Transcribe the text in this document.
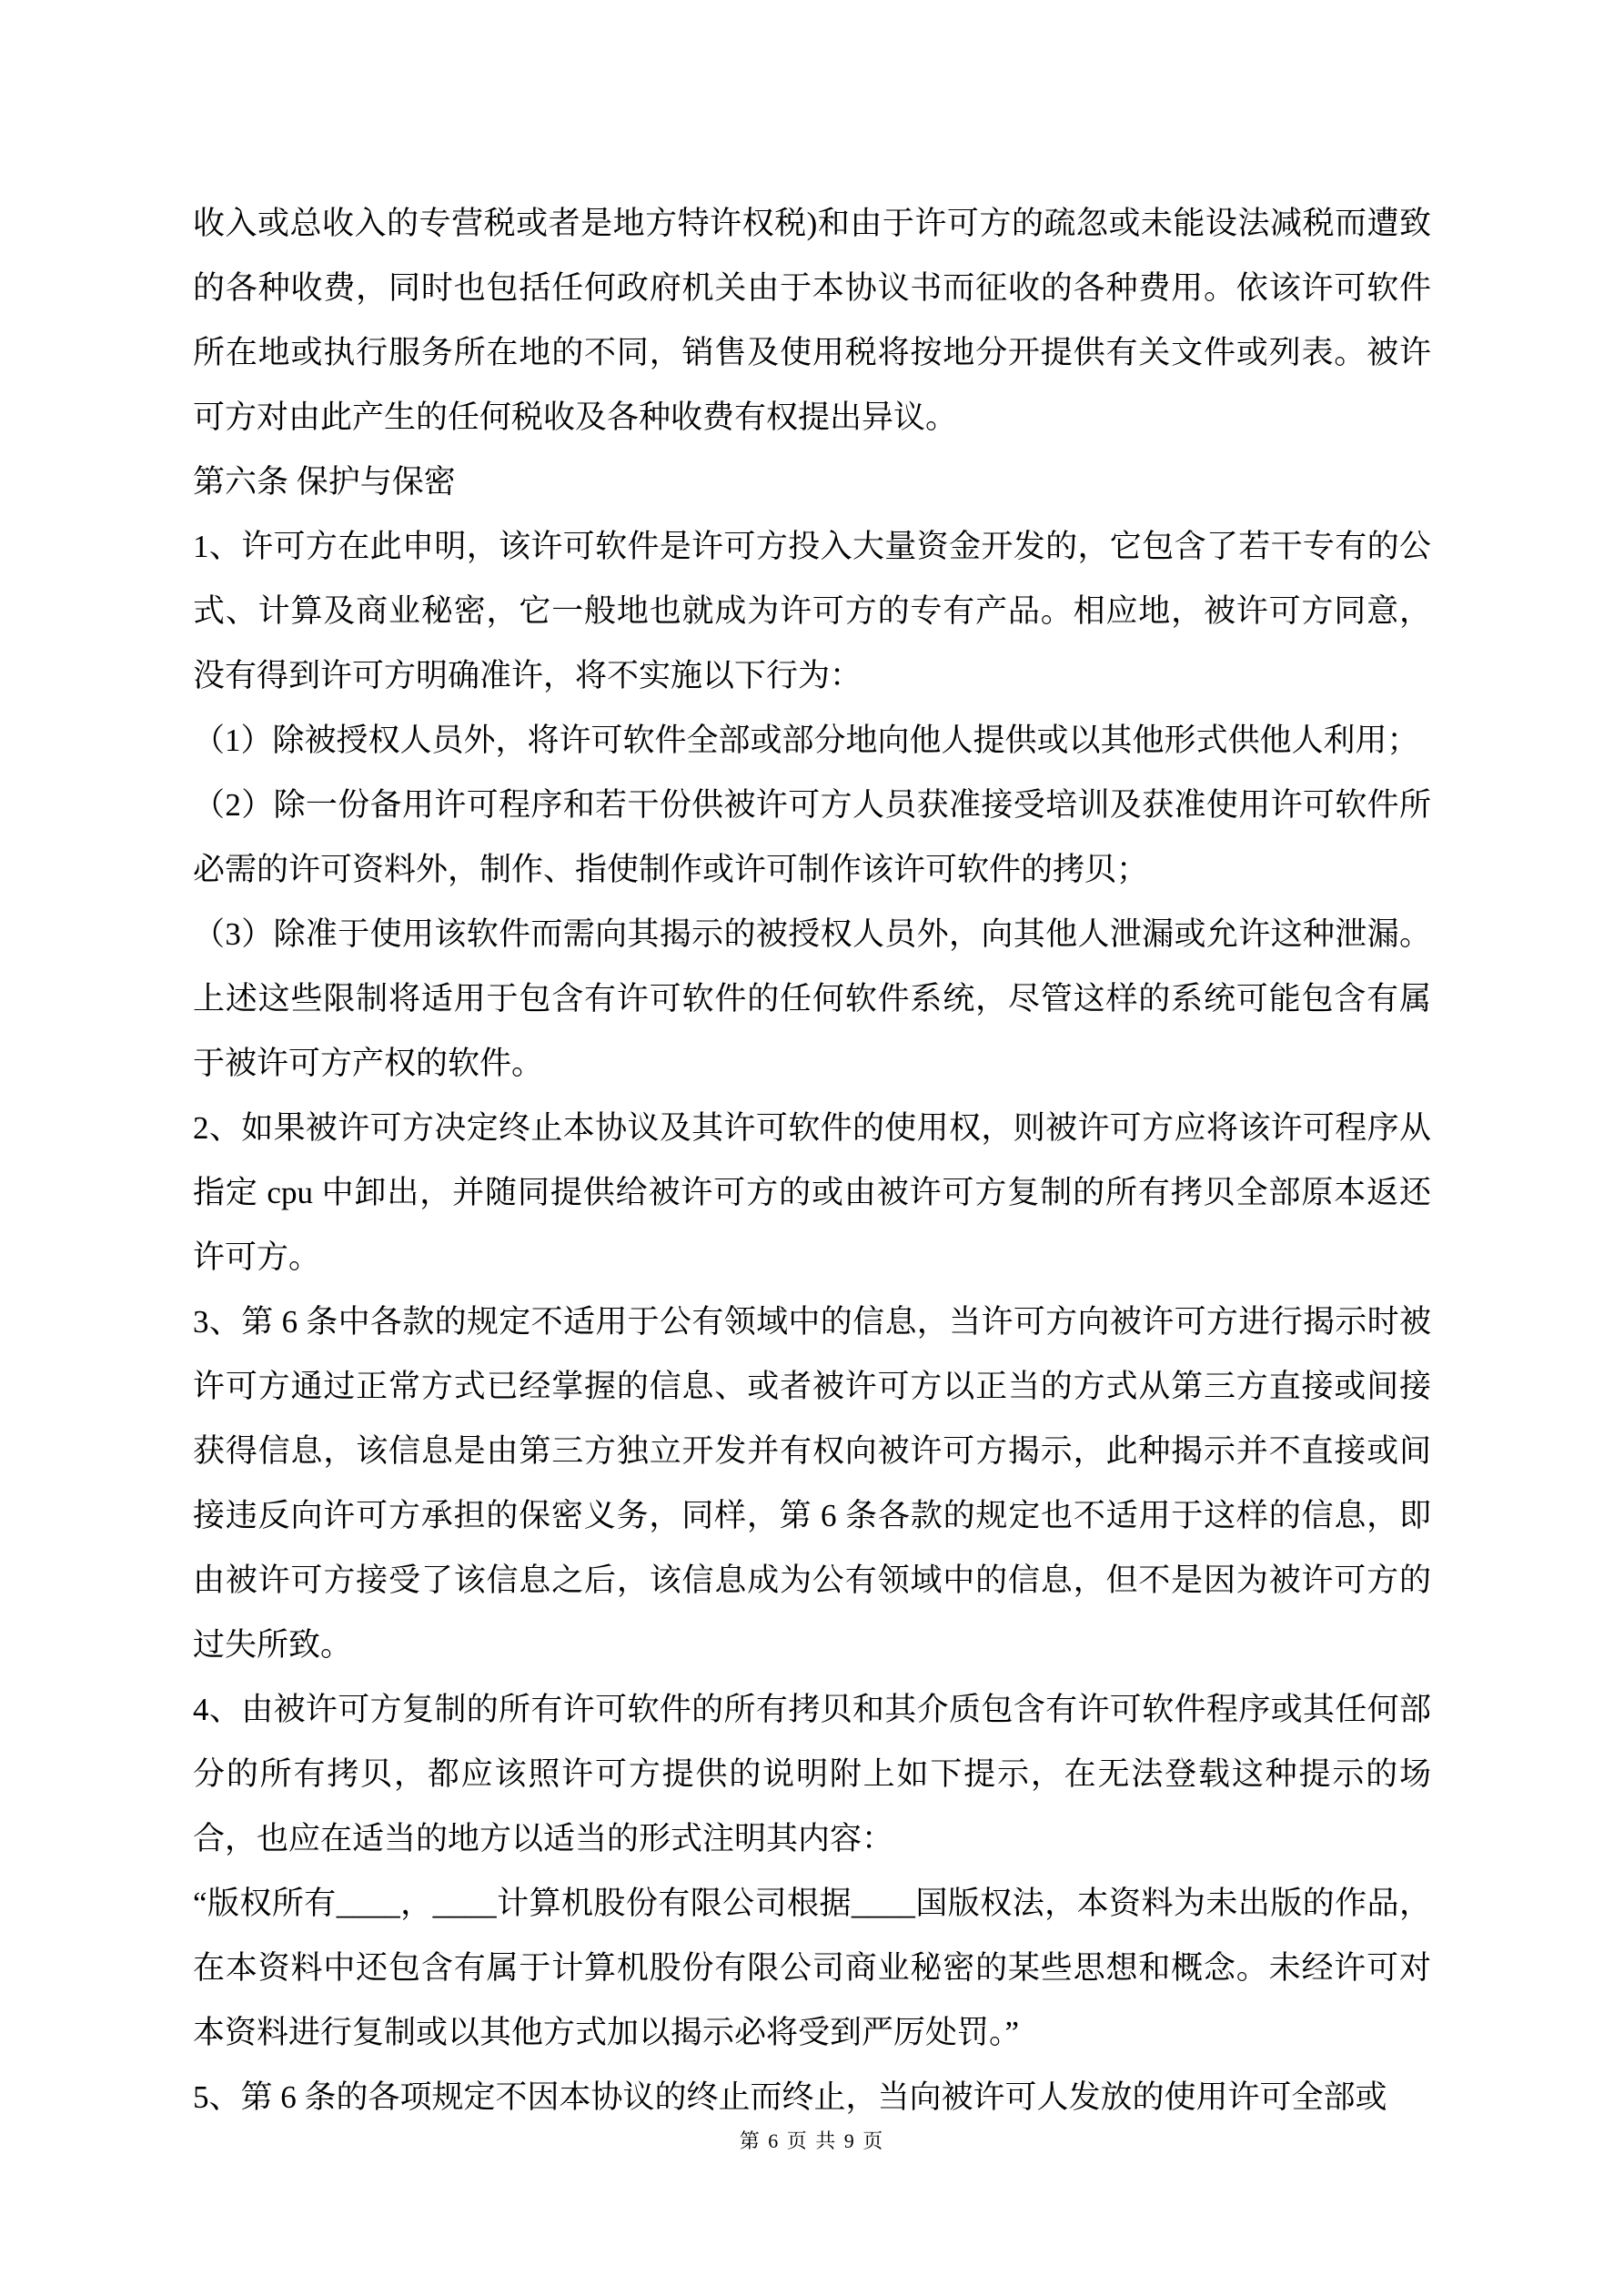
收入或总收入的专营税或者是地方特许权税)和由于许可方的疏忽或未能设法减税而遭致的各种收费，同时也包括任何政府机关由于本协议书而征收的各种费用。依该许可软件所在地或执行服务所在地的不同，销售及使用税将按地分开提供有关文件或列表。被许可方对由此产生的任何税收及各种收费有权提出异议。

第六条 保护与保密

1、许可方在此申明，该许可软件是许可方投入大量资金开发的，它包含了若干专有的公式、计算及商业秘密，它一般地也就成为许可方的专有产品。相应地，被许可方同意，没有得到许可方明确准许，将不实施以下行为：

（1）除被授权人员外，将许可软件全部或部分地向他人提供或以其他形式供他人利用；

（2）除一份备用许可程序和若干份供被许可方人员获准接受培训及获准使用许可软件所必需的许可资料外，制作、指使制作或许可制作该许可软件的拷贝；

（3）除准于使用该软件而需向其揭示的被授权人员外，向其他人泄漏或允许这种泄漏。上述这些限制将适用于包含有许可软件的任何软件系统，尽管这样的系统可能包含有属于被许可方产权的软件。

2、如果被许可方决定终止本协议及其许可软件的使用权，则被许可方应将该许可程序从指定 cpu 中卸出，并随同提供给被许可方的或由被许可方复制的所有拷贝全部原本返还许可方。

3、第 6 条中各款的规定不适用于公有领域中的信息，当许可方向被许可方进行揭示时被许可方通过正常方式已经掌握的信息、或者被许可方以正当的方式从第三方直接或间接获得信息，该信息是由第三方独立开发并有权向被许可方揭示，此种揭示并不直接或间接违反向许可方承担的保密义务，同样，第 6 条各款的规定也不适用于这样的信息，即由被许可方接受了该信息之后，该信息成为公有领域中的信息，但不是因为被许可方的过失所致。

4、由被许可方复制的所有许可软件的所有拷贝和其介质包含有许可软件程序或其任何部分的所有拷贝，都应该照许可方提供的说明附上如下提示，在无法登载这种提示的场合，也应在适当的地方以适当的形式注明其内容：

“版权所有____，____计算机股份有限公司根据____国版权法，本资料为未出版的作品，在本资料中还包含有属于计算机股份有限公司商业秘密的某些思想和概念。未经许可对本资料进行复制或以其他方式加以揭示必将受到严厉处罚。”

5、第 6 条的各项规定不因本协议的终止而终止，当向被许可人发放的使用许可全部或

第 6 页 共 9 页
